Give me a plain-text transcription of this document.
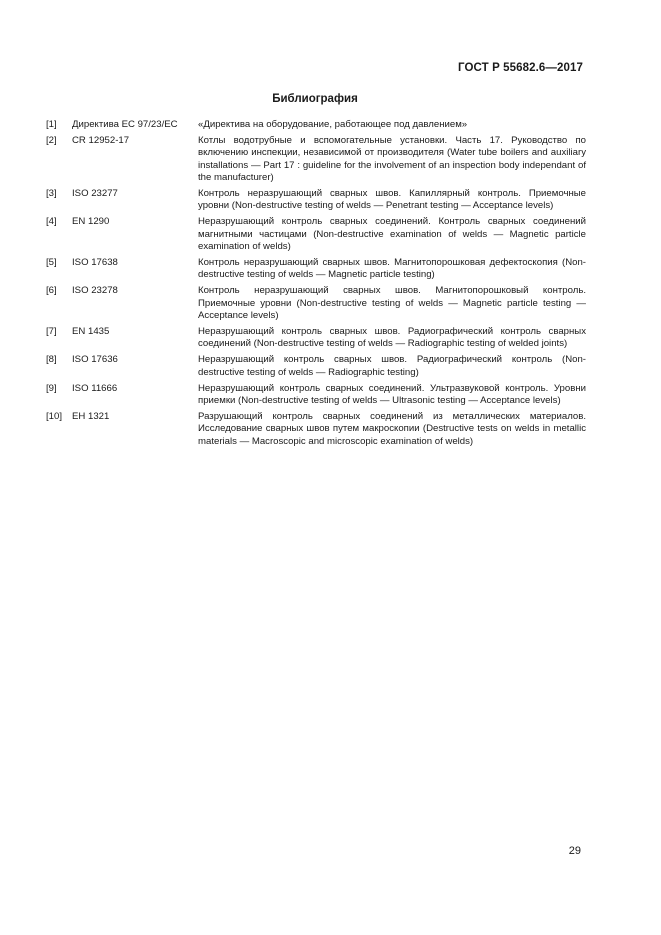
ГОСТ Р 55682.6—2017
Библиография
[1]	Директива ЕС 97/23/ЕС	«Директива на оборудование, работающее под давлением»
[2]	CR 12952-17	Котлы водотрубные и вспомогательные установки. Часть 17. Руководство по включению инспекции, независимой от производителя (Water tube boilers and auxiliary installations — Part 17 : guideline for the involvement of an inspection body independant of the manufacturer)
[3]	ISO 23277	Контроль неразрушающий сварных швов. Капиллярный контроль. Приемочные уровни (Non-destructive testing of welds — Penetrant testing — Acceptance levels)
[4]	EN 1290	Неразрушающий контроль сварных соединений. Контроль сварных соединений магнитными частицами (Non-destructive examination of welds — Magnetic particle examination of welds)
[5]	ISO 17638	Контроль неразрушающий сварных швов. Магнитопорошковая дефектоскопия (Non-destructive testing of welds — Magnetic particle testing)
[6]	ISO 23278	Контроль неразрушающий сварных швов. Магнитопорошковый контроль. Приемочные уровни (Non-destructive testing of welds — Magnetic particle testing — Acceptance levels)
[7]	EN 1435	Неразрушающий контроль сварных швов. Радиографический контроль сварных соединений (Non-destructive testing of welds — Radiographic testing of welded joints)
[8]	ISO 17636	Неразрушающий контроль сварных швов. Радиографический контроль (Non-destructive testing of welds — Radiographic testing)
[9]	ISO 11666	Неразрушающий контроль сварных соединений. Ультразвуковой контроль. Уровни приемки (Non-destructive testing of welds — Ultrasonic testing — Acceptance levels)
[10]	ЕН 1321	Разрушающий контроль сварных соединений из металлических материалов. Исследование сварных швов путем макроскопии (Destructive tests on welds in metallic materials — Macroscopic and microscopic examination of welds)
29
